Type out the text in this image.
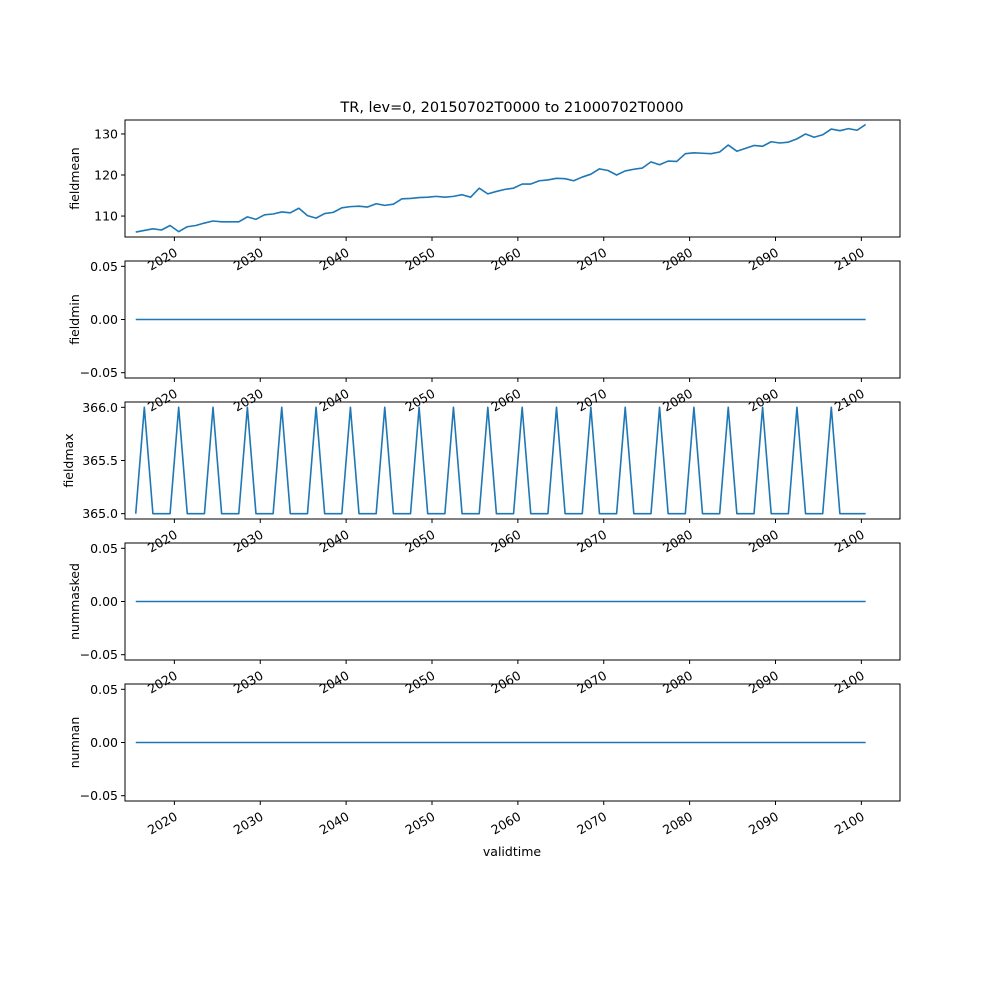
TR, lev=0, 20150702T0000 to 21000702T0000
validtime
110
120
130
fieldmean
2020	2030	2040	2050	2060	2070	2080	2090	2100
0.05
0.00
−0.05
fieldmin
2020	2030	2040	2050	2060	2070	2080	2090	2100
366.0
365.5
365.0
fieldmax
2020	2030	2040	2050	2060	2070	2080	2090	2100
0.05
0.00
−0.05
nummasked
2020	2030	2040	2050	2060	2070	2080	2090	2100
0.05
0.00
−0.05
numnan
2020	2030	2040	2050	2060	2070	2080	2090	2100
